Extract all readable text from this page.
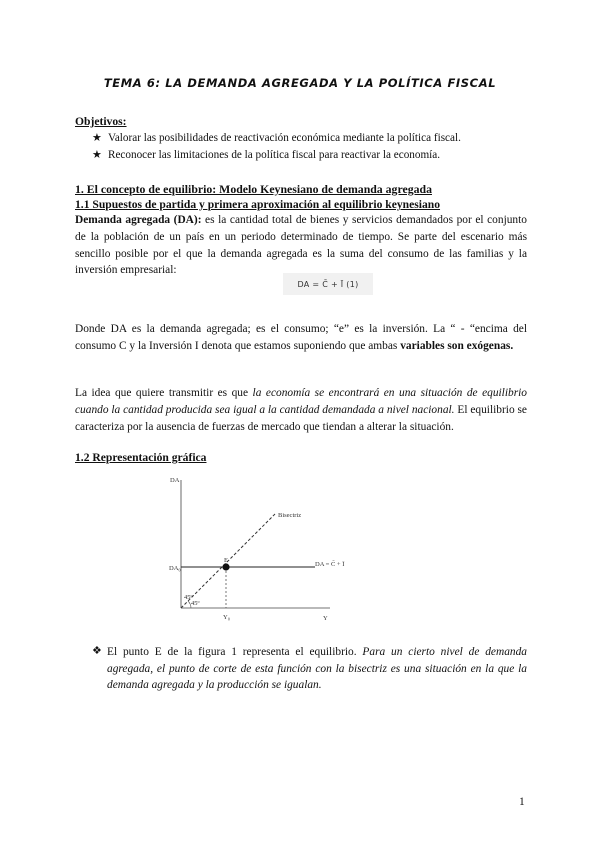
TEMA 6: LA DEMANDA AGREGADA Y LA POLÍTICA FISCAL
Objetivos:
★ Valorar las posibilidades de reactivación económica mediante la política fiscal.
★ Reconocer las limitaciones de la política fiscal para reactivar la economía.
1. El concepto de equilibrio: Modelo Keynesiano de demanda agregada
1.1 Supuestos de partida y primera aproximación al equilibrio keynesiano
Demanda agregada (DA): es la cantidad total de bienes y servicios demandados por el conjunto de la población de un país en un periodo determinado de tiempo. Se parte del escenario más sencillo posible por el que la demanda agregada es la suma del consumo de las familias y la inversión empresarial:
DA = C̄ + Ī (1)
Donde DA es la demanda agregada; es el consumo; “e” es la inversión. La “ - “encima del consumo C y la Inversión I denota que estamos suponiendo que ambas variables son exógenas.
La idea que quiere transmitir es que la economía se encontrará en una situación de equilibrio cuando la cantidad producida sea igual a la cantidad demandada a nivel nacional. El equilibrio se caracteriza por la ausencia de fuerzas de mercado que tiendan a alterar la situación.
1.2 Representación gráfica
DA
Y
Bisectriz
DA = C̄ + Ī
DA₀
Y₀
E
45º
45º
❖ El punto E de la figura 1 representa el equilibrio. Para un cierto nivel de demanda agregada, el punto de corte de esta función con la bisectriz es una situación en la que la demanda agregada y la producción se igualan.
1
